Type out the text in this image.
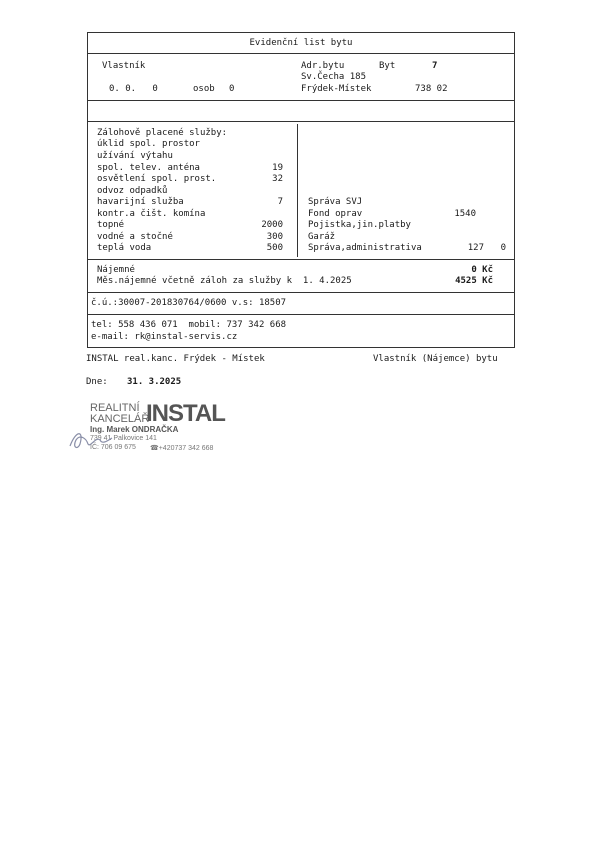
Evidenční list bytu
Vlastník
0. 0.   0	osob 0
Adr.bytu	Byt	7
Sv.Čecha 185
Frýdek-Místek	738 02
Zálohově placené služby:
úklid spol. prostor
užívání výtahu
spol. telev. anténa	19
osvětlení spol. prost.	32
odvoz odpadků
havarijní služba	7
kontr.a čišt. komína
topné	2000
vodné a stočné	300
teplá voda	500
Správa SVJ
Fond oprav	1540
Pojistka,jin.platby
Garáž
Správa,administrativa	127	0
Nájemné	0 Kč
Měs.nájemné včetně záloh za služby k  1. 4.2025	4525 Kč
č.ú.:30007-201830764/0600 v.s: 18507
tel: 558 436 071  mobil: 737 342 668
e-mail: rk@instal-servis.cz
INSTAL real.kanc. Frýdek - Místek	Vlastník (Nájemce) bytu
Dne: 31. 3.2025
REALITNÍ
KANCELÁŘ
INSTAL
Ing. Marek ONDRAČKA
739 41 Palkovice 141
IČ: 706 09 675 ☎+420737 342 668
